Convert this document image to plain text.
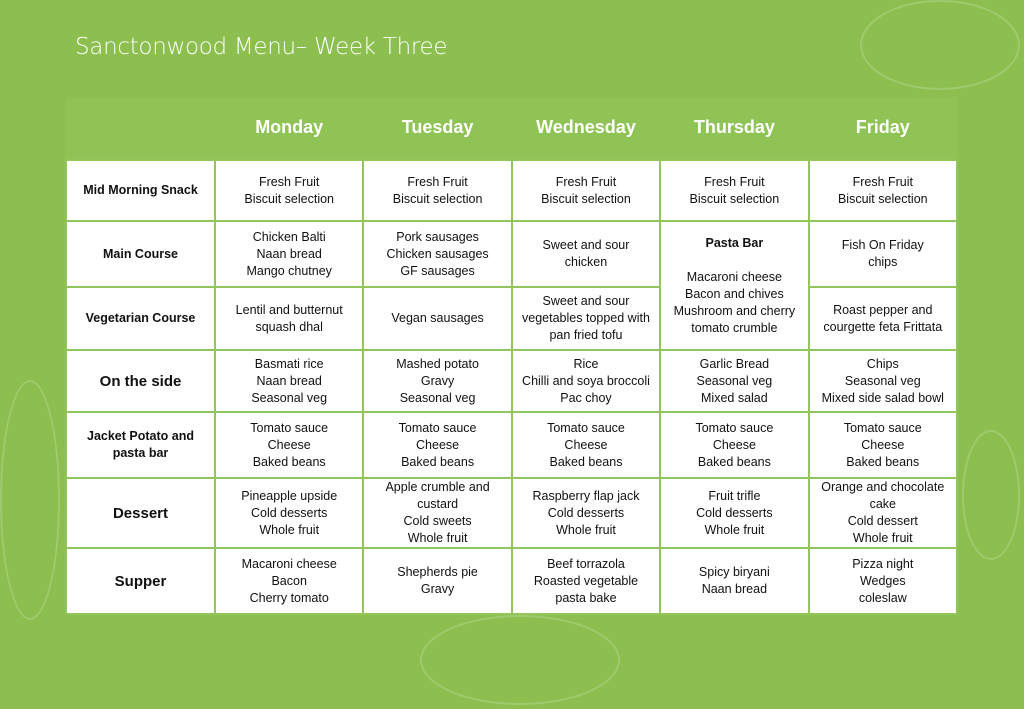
Sanctonwood Menu– Week Three
	Monday	Tuesday	Wednesday	Thursday	Friday
Mid Morning Snack	Fresh Fruit
Biscuit selection	Fresh Fruit
Biscuit selection	Fresh Fruit
Biscuit selection	Fresh Fruit
Biscuit selection	Fresh Fruit
Biscuit selection

Main Course	Chicken Balti
Naan bread
Mango chutney	Pork sausages
Chicken sausages
GF sausages	Sweet and sour
chicken	Pasta Bar
Macaroni cheese
Bacon and chives
Mushroom and cherry
tomato crumble	Fish On Friday
chips

Vegetarian Course	Lentil and butternut
squash dhal	Vegan sausages	Sweet and sour
vegetables topped with
pan fried tofu		Roast pepper and
courgette feta Frittata

On the side	Basmati rice
Naan bread
Seasonal veg	Mashed potato
Gravy
Seasonal veg	Rice
Chilli and soya broccoli
Pac choy	Garlic Bread
Seasonal veg
Mixed salad	Chips
Seasonal veg
Mixed side salad bowl

Jacket Potato and pasta bar	Tomato sauce
Cheese
Baked beans	Tomato sauce
Cheese
Baked beans	Tomato sauce
Cheese
Baked beans	Tomato sauce
Cheese
Baked beans	Tomato sauce
Cheese
Baked beans

Dessert	Pineapple upside
Cold desserts
Whole fruit	Apple crumble and
custard
Cold sweets
Whole fruit	Raspberry flap jack
Cold desserts
Whole fruit	Fruit trifle
Cold desserts
Whole fruit	Orange and chocolate
cake
Cold dessert
Whole fruit

Supper	Macaroni cheese
Bacon
Cherry tomato	Shepherds pie
Gravy	Beef torrazola
Roasted vegetable
pasta bake	Spicy biryani
Naan bread	Pizza night
Wedges
coleslaw
